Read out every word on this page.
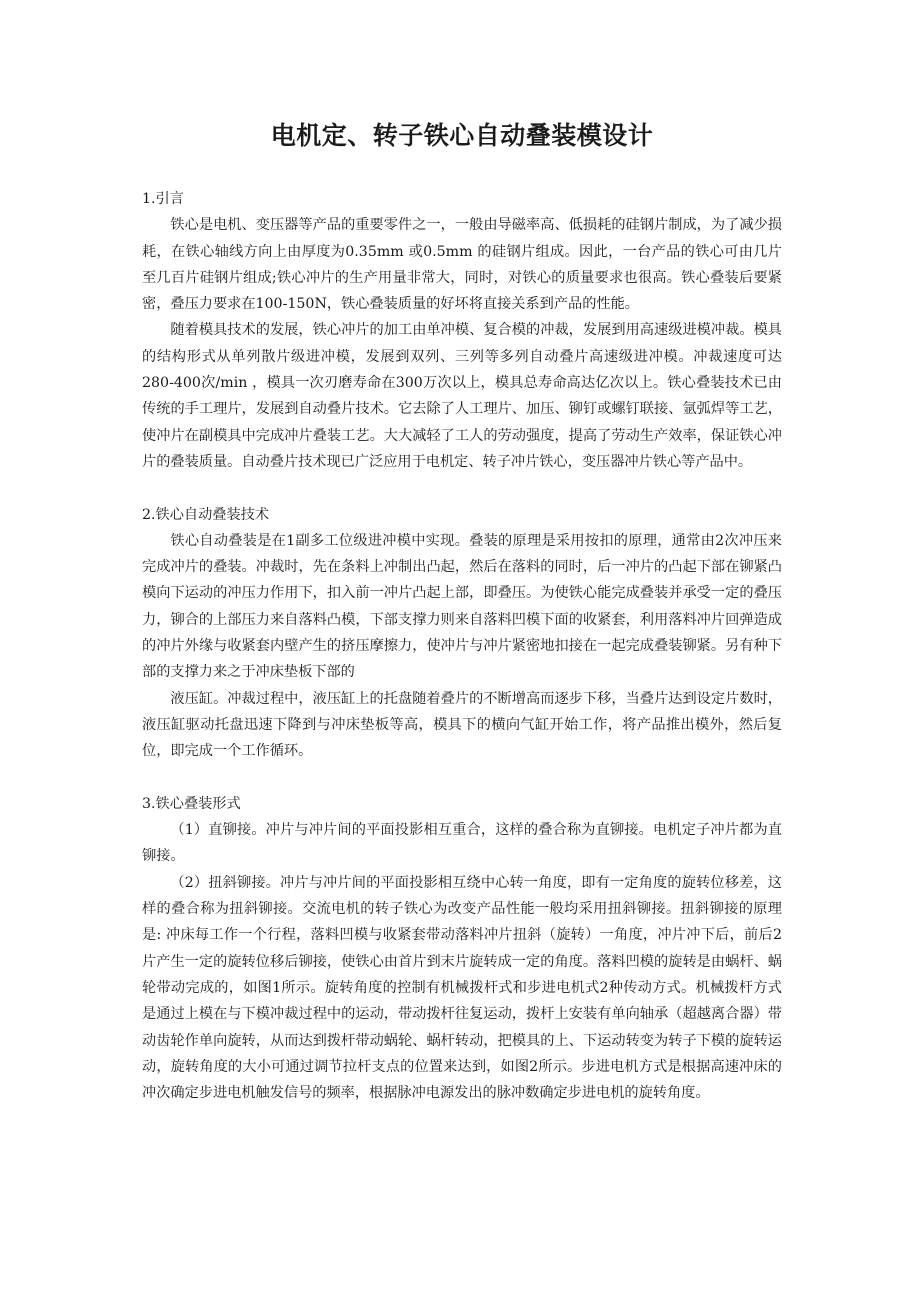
电机定、转子铁心自动叠装模设计

1.引言

铁心是电机、变压器等产品的重要零件之一，一般由导磁率高、低损耗的硅钢片制成，为了减少损耗，在铁心轴线方向上由厚度为0.35mm 或0.5mm 的硅钢片组成。因此，一台产品的铁心可由几片至几百片硅钢片组成;铁心冲片的生产用量非常大，同时，对铁心的质量要求也很高。铁心叠装后要紧密，叠压力要求在100-150N，铁心叠装质量的好坏将直接关系到产品的性能。

随着模具技术的发展，铁心冲片的加工由单冲模、复合模的冲裁，发展到用高速级进模冲裁。模具的结构形式从单列散片级进冲模，发展到双列、三列等多列自动叠片高速级进冲模。冲裁速度可达280-400次/min ，模具一次刃磨寿命在300万次以上，模具总寿命高达亿次以上。铁心叠装技术已由传统的手工理片，发展到自动叠片技术。它去除了人工理片、加压、铆钉或螺钉联接、氩弧焊等工艺，使冲片在副模具中完成冲片叠装工艺。大大减轻了工人的劳动强度，提高了劳动生产效率，保证铁心冲片的叠装质量。自动叠片技术现已广泛应用于电机定、转子冲片铁心，变压器冲片铁心等产品中。

2.铁心自动叠装技术

铁心自动叠装是在1副多工位级进冲模中实现。叠装的原理是采用按扣的原理，通常由2次冲压来完成冲片的叠装。冲裁时，先在条料上冲制出凸起，然后在落料的同时，后一冲片的凸起下部在铆紧凸模向下运动的冲压力作用下，扣入前一冲片凸起上部，即叠压。为使铁心能完成叠装并承受一定的叠压力，铆合的上部压力来自落料凸模，下部支撑力则来自落料凹模下面的收紧套，利用落料冲片回弹造成的冲片外缘与收紧套内壁产生的挤压摩擦力，使冲片与冲片紧密地扣接在一起完成叠装铆紧。另有种下部的支撑力来之于冲床垫板下部的

液压缸。冲裁过程中，液压缸上的托盘随着叠片的不断增高而逐步下移，当叠片达到设定片数时，液压缸驱动托盘迅速下降到与冲床垫板等高，模具下的横向气缸开始工作，将产品推出模外，然后复位，即完成一个工作循环。

3.铁心叠装形式

（1）直铆接。冲片与冲片间的平面投影相互重合，这样的叠合称为直铆接。电机定子冲片都为直铆接。

（2）扭斜铆接。冲片与冲片间的平面投影相互绕中心转一角度，即有一定角度的旋转位移差，这样的叠合称为扭斜铆接。交流电机的转子铁心为改变产品性能一般均采用扭斜铆接。扭斜铆接的原理是: 冲床每工作一个行程，落料凹模与收紧套带动落料冲片扭斜（旋转）一角度，冲片冲下后，前后2片产生一定的旋转位移后铆接，使铁心由首片到末片旋转成一定的角度。落料凹模的旋转是由蜗杆、蜗轮带动完成的，如图1所示。旋转角度的控制有机械拨杆式和步进电机式2种传动方式。机械拨杆方式是通过上模在与下模冲裁过程中的运动，带动拨杆往复运动，拨杆上安装有单向轴承（超越离合器）带动齿轮作单向旋转，从而达到拨杆带动蜗轮、蜗杆转动，把模具的上、下运动转变为转子下模的旋转运动，旋转角度的大小可通过调节拉杆支点的位置来达到，如图2所示。步进电机方式是根据高速冲床的冲次确定步进电机触发信号的频率，根据脉冲电源发出的脉冲数确定步进电机的旋转角度。
